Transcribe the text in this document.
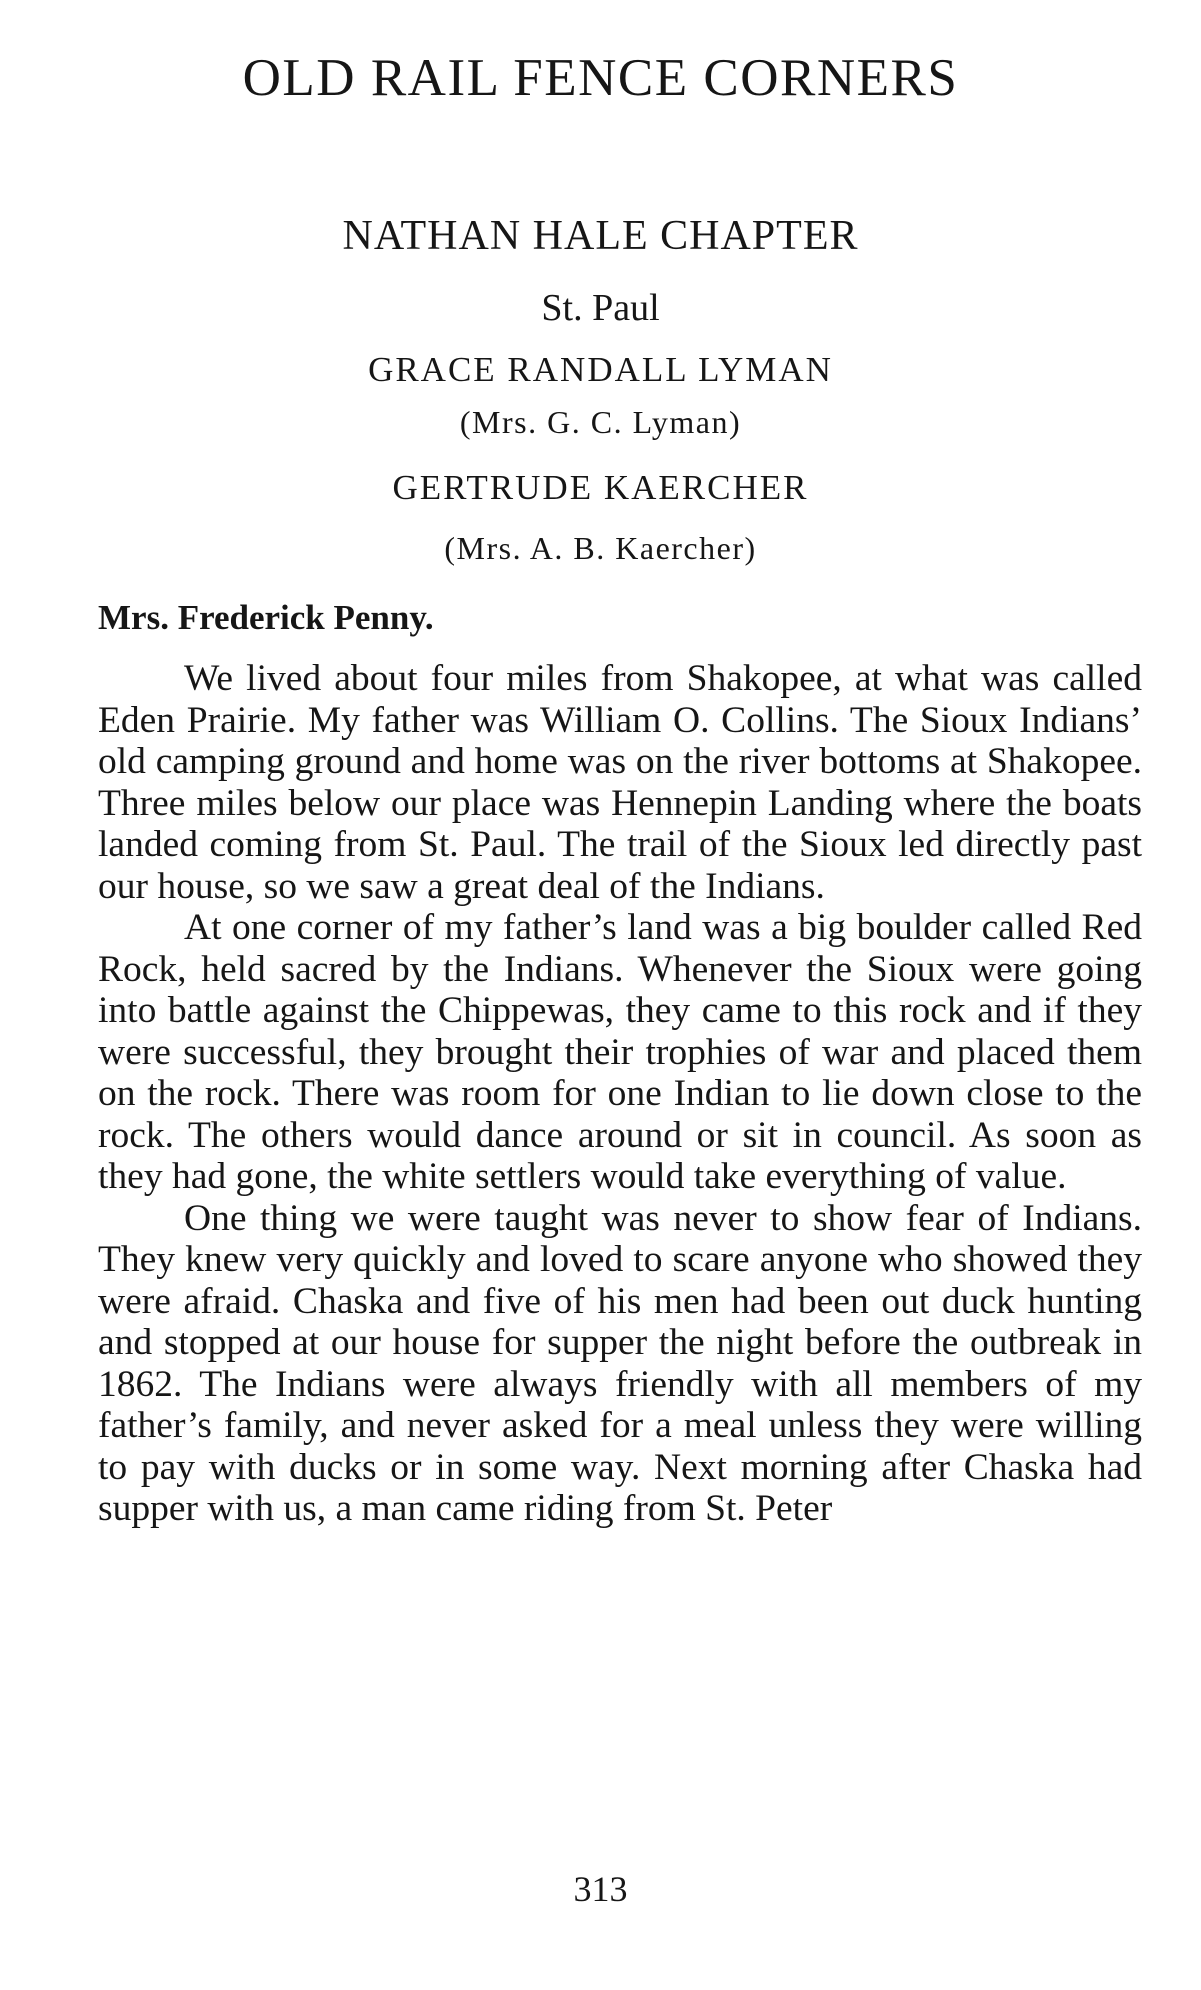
OLD RAIL FENCE CORNERS
NATHAN HALE CHAPTER
St. Paul
GRACE RANDALL LYMAN
(Mrs. G. C. Lyman)
GERTRUDE KAERCHER
(Mrs. A. B. Kaercher)
Mrs. Frederick Penny.

We lived about four miles from Shakopee, at what was called Eden Prairie. My father was William O. Collins. The Sioux Indians’ old camping ground and home was on the river bottoms at Shakopee. Three miles below our place was Hennepin Landing where the boats landed coming from St. Paul. The trail of the Sioux led directly past our house, so we saw a great deal of the Indians.

At one corner of my father’s land was a big boulder called Red Rock, held sacred by the Indians. Whenever the Sioux were going into battle against the Chippewas, they came to this rock and if they were successful, they brought their trophies of war and placed them on the rock. There was room for one Indian to lie down close to the rock. The others would dance around or sit in council. As soon as they had gone, the white settlers would take everything of value.

One thing we were taught was never to show fear of Indians. They knew very quickly and loved to scare anyone who showed they were afraid. Chaska and five of his men had been out duck hunting and stopped at our house for supper the night before the outbreak in 1862. The Indians were always friendly with all members of my father’s family, and never asked for a meal unless they were willing to pay with ducks or in some way. Next morning after Chaska had supper with us, a man came riding from St. Peter

313
